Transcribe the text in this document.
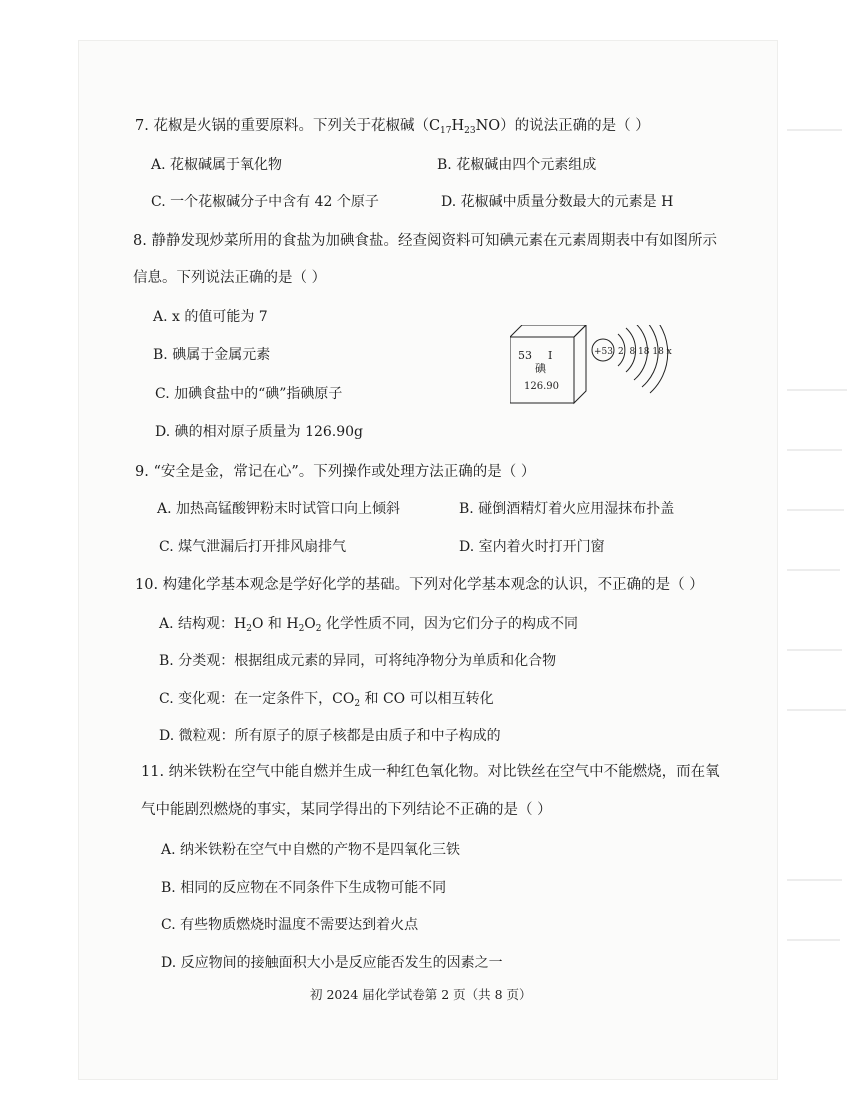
7. 花椒是火锅的重要原料。下列关于花椒碱$(C_{17}H_{23}NO)$的说法正确的是（ ）
A. 花椒碱属于氧化物	B. 花椒碱由四个元素组成
C. 一个花椒碱分子中含有 42 个原子	D. 花椒碱中质量分数最大的元素是 H
8. 静静发现炒菜所用的食盐为加碘食盐。经查阅资料可知碘元素在元素周期表中有如图所示
信息。下列说法正确的是（ ）
A. x 的值可能为 7
B. 碘属于金属元素
C. 加碘食盐中的“碘”指碘原子
D. 碘的相对原子质量为 126.90g
53 I
碘
126.90
+53 2  8 18 18 x
9. “安全是金，常记在心”。下列操作或处理方法正确的是（ ）
A. 加热高锰酸钾粉末时试管口向上倾斜	B. 碰倒酒精灯着火应用湿抹布扑盖
C. 煤气泄漏后打开排风扇排气	D. 室内着火时打开门窗
10. 构建化学基本观念是学好化学的基础。下列对化学基本观念的认识，不正确的是（ ）
A. 结构观：$H_2O$ 和 $H_2O_2$ 化学性质不同，因为它们分子的构成不同
B. 分类观：根据组成元素的异同，可将纯净物分为单质和化合物
C. 变化观：在一定条件下，$CO_2$ 和 CO 可以相互转化
D. 微粒观：所有原子的原子核都是由质子和中子构成的
11. 纳米铁粉在空气中能自燃并生成一种红色氧化物。对比铁丝在空气中不能燃烧，而在氧
气中能剧烈燃烧的事实，某同学得出的下列结论不正确的是（ ）
A. 纳米铁粉在空气中自燃的产物不是四氧化三铁
B. 相同的反应物在不同条件下生成物可能不同
C. 有些物质燃烧时温度不需要达到着火点
D. 反应物间的接触面积大小是反应能否发生的因素之一
初 2024 届化学试卷第 2 页（共 8 页）
